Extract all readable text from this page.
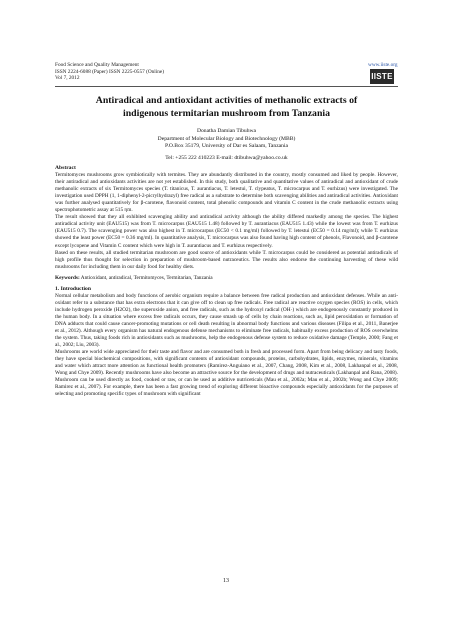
Food Science and Quality Management
ISSN 2224-6088 (Paper) ISSN 2225-0557 (Online)
Vol 7, 2012
www.iiste.org
IISTE
Antiradical and antioxidant activities of methanolic extracts of
indigenous termitarian mushroom from Tanzania
Donatha Damian Tibuhwa
Department of Molecular Biology and Biotechnology (MBB)
P.O.Box 35179, University of Dar es Salaam, Tanzania
Tel: +255 222 410223 E-mail: dtibuhwa@yahoo.co.uk
Abstract

Termitomyces mushrooms grow symbiotically with termites. They are abundantly distributed in the country, mostly consumed and liked by people. However, their antiradical and antioxidants activities are not yet established. In this study, both qualitative and quantitative values of antiradical and antioxidant of crude methanolic extracts of six Termitomyces species (T. titanicus, T. aurantiacus, T. letestui, T. clypeatus, T. microcarpus and T. eurhizus) were investigated. The investigation used DPPH (1, 1-diphenyl-2-picrylhydrazyl) free radical as a substrate to determine both scavenging abilities and antiradical activities. Antioxidant was further analysed quantitatively for β-carotene, flavonoid content, total phenolic compounds and vitamin C content in the crude methanolic extracts using spectrophotometric assay at 515 ηm.

The result showed that they all exhibited scavenging ability and antiradical activity although the ability differed markedly among the species. The highest antiradical activity unit (EAU515) was from T. microcarpus (EAU515 1.48) followed by T. aurantiacus (EAU515 1.43) while the lowest was from T. eurhizus (EAU515 0.7). The scavenging power was also highest in T. microcarpus (EC50 < 0.1 mg/ml) followed by T. letestui (EC50 = 0.14 mg/ml); while T. eurhizus showed the least power (EC50 = 0.36 mg/ml). In quantitative analysis, T. microcarpus was also found having high content of phenols, Flavonoid, and β-carotene except lycopene and Vitamin C content which were high in T. aurantiacus and T. eurhizus respectively.

Based on these results, all studied termitarian mushroom are good source of antioxidants while T. microcarpus could be considered as potential antiradicals of high profile thus thought for selection in preparation of mushroom-based nutraceutics. The results also endorse the continuing harvesting of these wild mushrooms for including them in our daily food for healthy diets.

Keywords: Antioxidant, antiradical, Termitomyces, Termitarian, Tanzania

1. Introduction

Normal cellular metabolism and body functions of aerobic organism require a balance between free radical production and antioxidant defenses. While an anti-oxidant refer to a substance that has extra electrons that it can give off to clean up free radicals. Free radical are reactive oxygen species (ROS) in cells, which include hydrogen peroxide (H2O2), the superoxide anion, and free radicals, such as the hydroxyl radical (OH·) which are endogenously constantly produced in the human body. In a situation where excess free radicals occurs, they cause smash up of cells by chain reactions, such as, lipid peroxidation or formation of DNA adducts that could cause cancer-promoting mutations or cell death resulting in abnormal body functions and various diseases (Filipa et al., 2011, Banerjee et al., 2012). Although every organism has natural endogenous defense mechanisms to eliminate free radicals, habitually excess production of ROS overwhelms the system. Thus, taking foods rich in antioxidants such as mushrooms, help the endogenous defense system to reduce oxidative damage (Temple, 2000; Fang et al., 2002; Liu, 2003).

Mushrooms are world wide appreciated for their taste and flavor and are consumed both in fresh and processed form. Apart from being delicacy and tasty foods, they have special biochemical compositions, with significant contents of antioxidant compounds, proteins, carbohydrates, lipids, enzymes, minerals, vitamins and water which attract more attention as functional health promoters (Ramirez-Anguiano et al., 2007, Chang, 2008, Kim et al., 2008, Lakhanpal et al., 2008, Wong and Chye 2009). Recently mushrooms have also become an attractive source for the development of drugs and nutraceuticals (Lakhanpal and Rana, 2008). Mushroom can be used directly as food, cooked or raw, or can be used as additive nutriceticals (Mau et al., 2002a; Mau et al., 2002b; Wong and Chye 2009; Ramirez et al., 2007). For example, there has been a fast growing trend of exploring different bioactive compounds especially antioxidants for the purposes of selecting and promoting specific types of mushroom with significant

13
